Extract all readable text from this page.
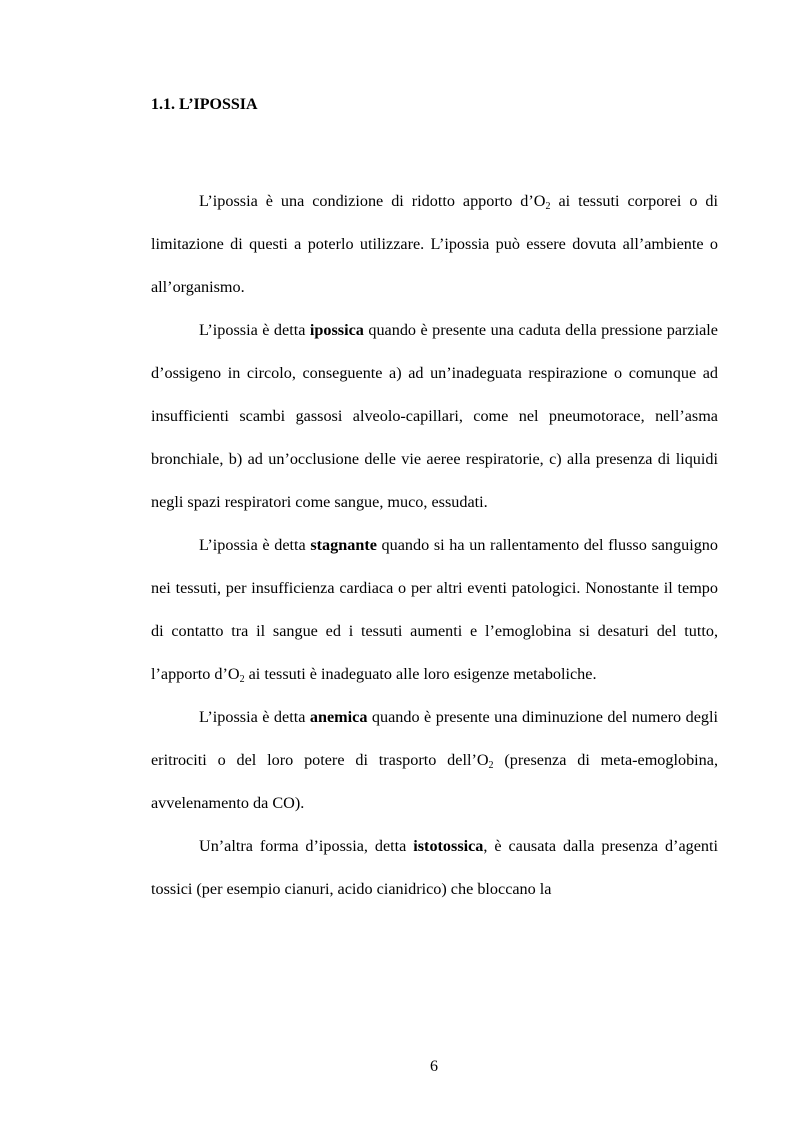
1.1. L’IPOSSIA

L’ipossia è una condizione di ridotto apporto $d’O_2$ ai tessuti corporei o di limitazione di questi a poterlo utilizzare. L’ipossia può essere dovuta all’ambiente o all’organismo.

L’ipossia è detta ipossica quando è presente una caduta della pressione parziale d’ossigeno in circolo, conseguente a) ad un’inadeguata respirazione o comunque ad insufficienti scambi gassosi alveolo-capillari, come nel pneumotorace, nell’asma bronchiale, b) ad un’occlusione delle vie aeree respiratorie, c) alla presenza di liquidi negli spazi respiratori come sangue, muco, essudati.

L’ipossia è detta stagnante quando si ha un rallentamento del flusso sanguigno nei tessuti, per insufficienza cardiaca o per altri eventi patologici. Nonostante il tempo di contatto tra il sangue ed i tessuti aumenti e l’emoglobina si desaturi del tutto, l’apporto $d’O_2$ ai tessuti è inadeguato alle loro esigenze metaboliche.

L’ipossia è detta anemica quando è presente una diminuzione del numero degli eritrociti o del loro potere di trasporto $dell’O_2$ (presenza di meta-emoglobina, avvelenamento da CO).

Un’altra forma d’ipossia, detta istotossica, è causata dalla presenza d’agenti tossici (per esempio cianuri, acido cianidrico) che bloccano la

6
